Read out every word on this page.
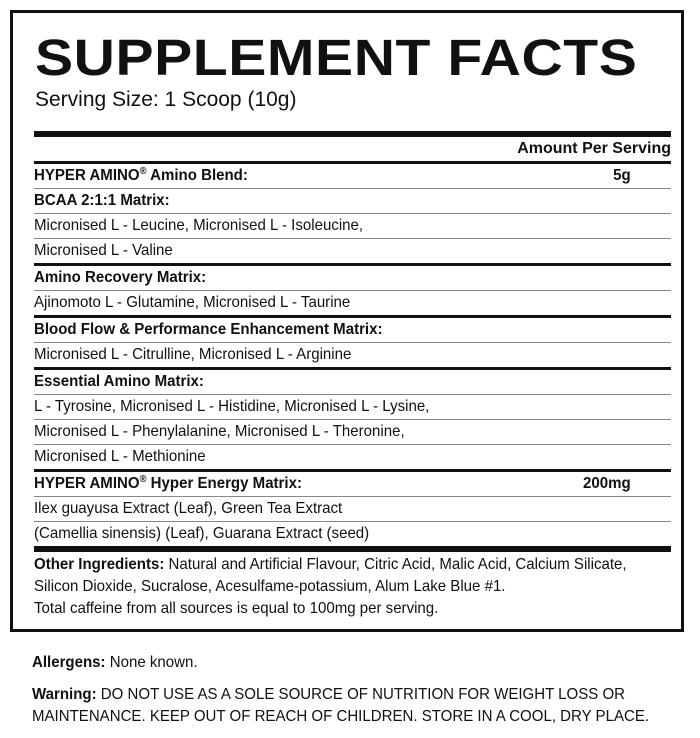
SUPPLEMENT FACTS
Serving Size: 1 Scoop (10g)
Amount Per Serving
HYPER AMINO® Amino Blend:	5g
BCAA 2:1:1 Matrix:
Micronised L - Leucine, Micronised L - Isoleucine,
Micronised L - Valine
Amino Recovery Matrix:
Ajinomoto L - Glutamine, Micronised L - Taurine
Blood Flow & Performance Enhancement Matrix:
Micronised L - Citrulline, Micronised L - Arginine
Essential Amino Matrix:
L - Tyrosine, Micronised L - Histidine, Micronised L - Lysine,
Micronised L - Phenylalanine, Micronised L - Theronine,
Micronised L - Methionine
HYPER AMINO® Hyper Energy Matrix:	200mg
Ilex guayusa Extract (Leaf), Green Tea Extract
(Camellia sinensis) (Leaf), Guarana Extract (seed)
Other Ingredients: Natural and Artificial Flavour, Citric Acid, Malic Acid, Calcium Silicate, Silicon Dioxide, Sucralose, Acesulfame-potassium, Alum Lake Blue #1.
Total caffeine from all sources is equal to 100mg per serving.
Allergens: None known.
Warning: DO NOT USE AS A SOLE SOURCE OF NUTRITION FOR WEIGHT LOSS OR
MAINTENANCE. KEEP OUT OF REACH OF CHILDREN. STORE IN A COOL, DRY PLACE.
